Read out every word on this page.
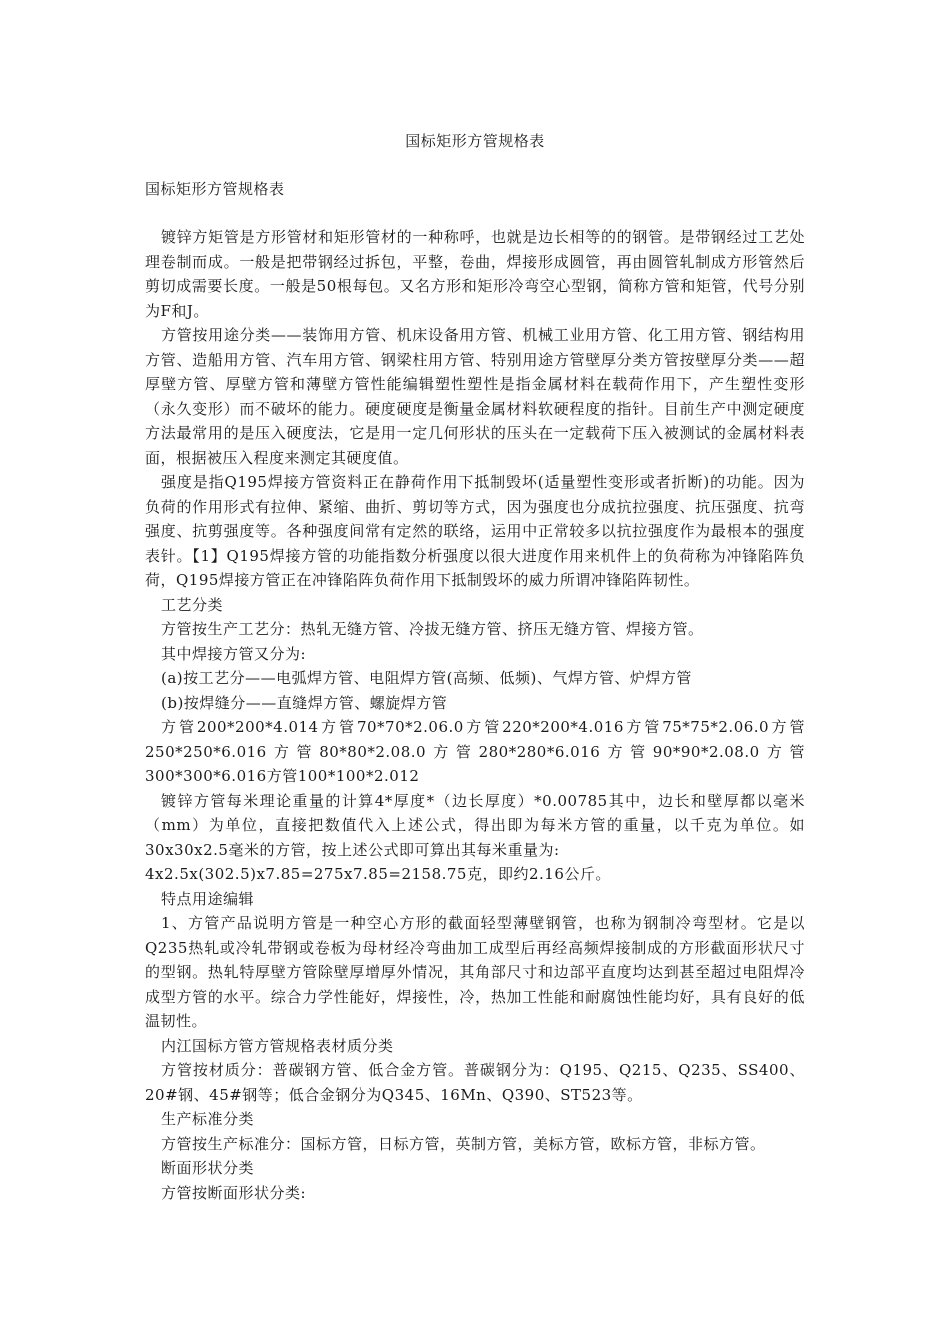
国标矩形方管规格表
国标矩形方管规格表

镀锌方矩管是方形管材和矩形管材的一种称呼，也就是边长相等的的钢管。是带钢经过工艺处理卷制而成。一般是把带钢经过拆包，平整，卷曲，焊接形成圆管，再由圆管轧制成方形管然后剪切成需要长度。一般是50根每包。又名方形和矩形冷弯空心型钢，简称方管和矩管，代号分别为F和J。

方管按用途分类——装饰用方管、机床设备用方管、机械工业用方管、化工用方管、钢结构用方管、造船用方管、汽车用方管、钢梁柱用方管、特别用途方管壁厚分类方管按壁厚分类——超厚壁方管、厚壁方管和薄壁方管性能编辑塑性塑性是指金属材料在载荷作用下，产生塑性变形（永久变形）而不破坏的能力。硬度硬度是衡量金属材料软硬程度的指针。目前生产中测定硬度方法最常用的是压入硬度法，它是用一定几何形状的压头在一定载荷下压入被测试的金属材料表面，根据被压入程度来测定其硬度值。

强度是指Q195焊接方管资料正在静荷作用下抵制毁坏(适量塑性变形或者折断)的功能。因为负荷的作用形式有拉伸、紧缩、曲折、剪切等方式，因为强度也分成抗拉强度、抗压强度、抗弯强度、抗剪强度等。各种强度间常有定然的联络，运用中正常较多以抗拉强度作为最根本的强度表针。【1】Q195焊接方管的功能指数分析强度以很大进度作用来机件上的负荷称为冲锋陷阵负荷，Q195焊接方管正在冲锋陷阵负荷作用下抵制毁坏的威力所谓冲锋陷阵韧性。

工艺分类

方管按生产工艺分：热轧无缝方管、冷拔无缝方管、挤压无缝方管、焊接方管。

其中焊接方管又分为:

(a)按工艺分——电弧焊方管、电阻焊方管(高频、低频)、气焊方管、炉焊方管

(b)按焊缝分——直缝焊方管、螺旋焊方管

方管200*200*4.014方管70*70*2.06.0方管220*200*4.016方管75*75*2.06.0方管250*250*6.016方管80*80*2.08.0方管280*280*6.016方管90*90*2.08.0方管300*300*6.016方管100*100*2.012

镀锌方管每米理论重量的计算4*厚度*（边长厚度）*0.00785其中，边长和壁厚都以毫米（mm）为单位，直接把数值代入上述公式，得出即为每米方管的重量，以千克为单位。如30x30x2.5毫米的方管，按上述公式即可算出其每米重量为:

4x2.5x(302.5)x7.85=275x7.85=2158.75克，即约2.16公斤。

特点用途编辑

1、方管产品说明方管是一种空心方形的截面轻型薄壁钢管，也称为钢制冷弯型材。它是以Q235热轧或冷轧带钢或卷板为母材经冷弯曲加工成型后再经高频焊接制成的方形截面形状尺寸的型钢。热轧特厚壁方管除壁厚增厚外情况，其角部尺寸和边部平直度均达到甚至超过电阻焊冷成型方管的水平。综合力学性能好，焊接性，冷，热加工性能和耐腐蚀性能均好，具有良好的低温韧性。

内江国标方管方管规格表材质分类

方管按材质分：普碳钢方管、低合金方管。普碳钢分为：Q195、Q215、Q235、SS400、20#钢、45#钢等；低合金钢分为Q345、16Mn、Q390、ST523等。

生产标准分类

方管按生产标准分：国标方管，日标方管，英制方管，美标方管，欧标方管，非标方管。

断面形状分类

方管按断面形状分类:
